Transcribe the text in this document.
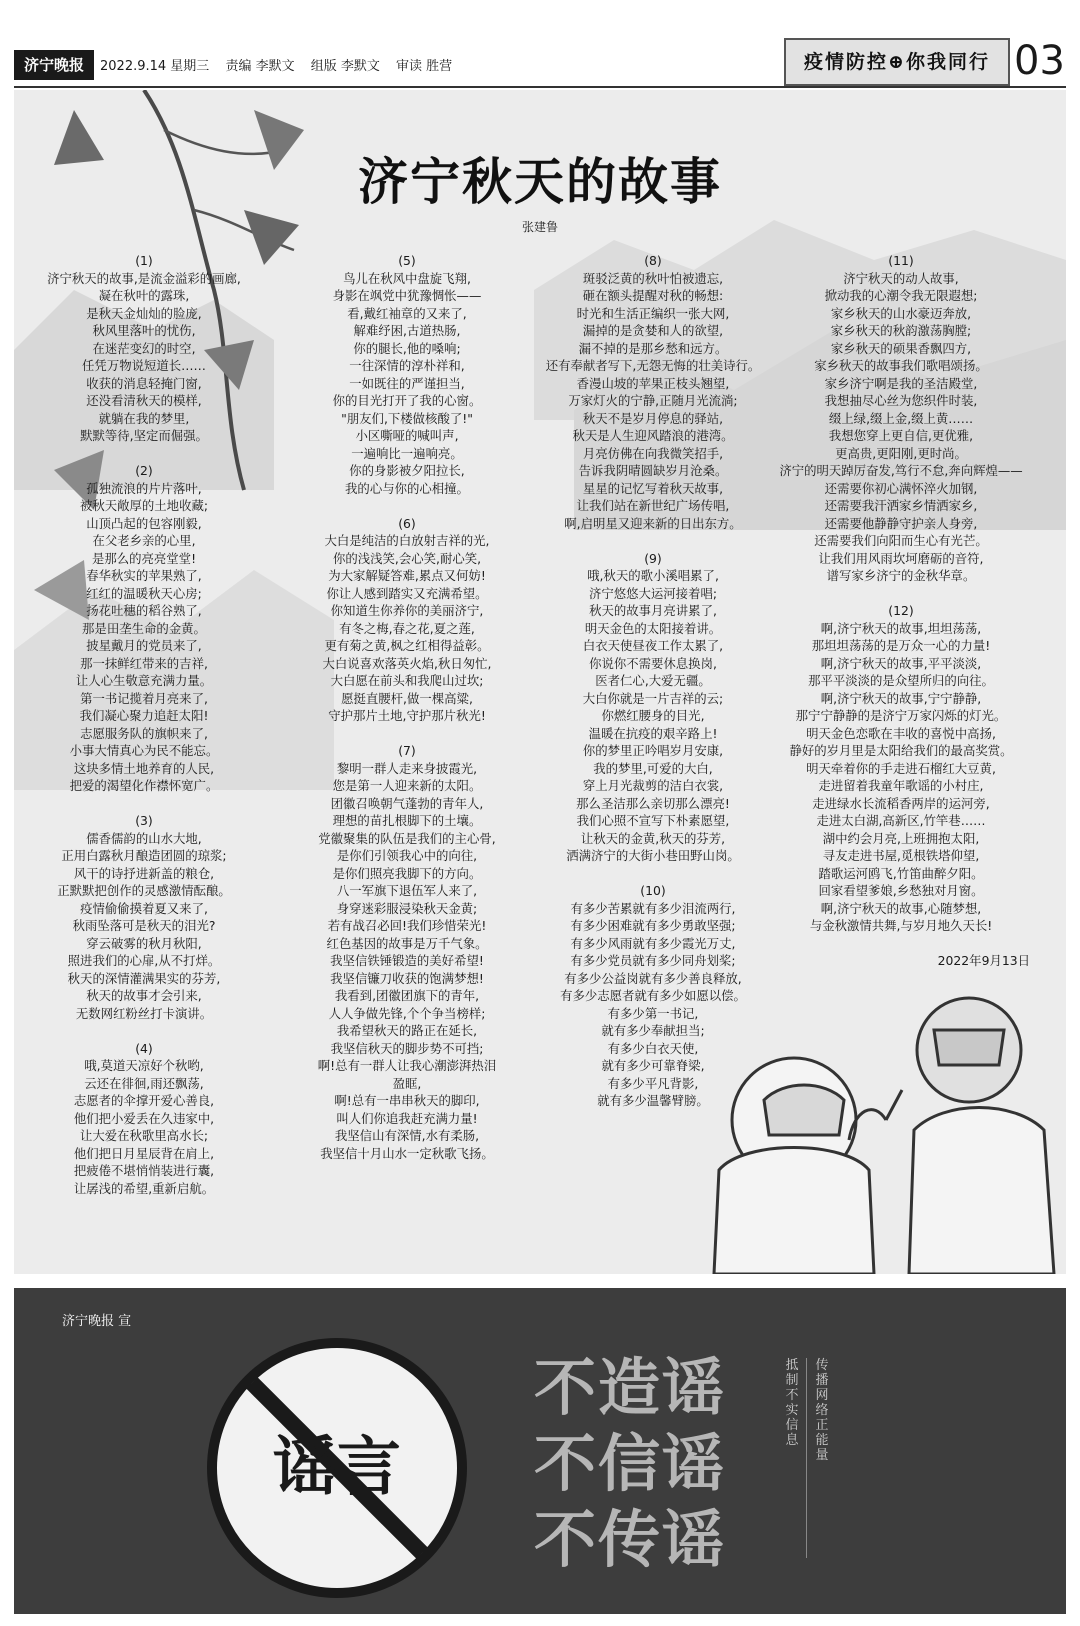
济宁晚报	2022.9.14 星期三 责编 李默文 组版 李默文 审读 胜营	疫情防控⊕你我同行 03
济宁秋天的故事
张建鲁
(1)

济宁秋天的故事,是流金溢彩的画廊,

凝在秋叶的露珠,

是秋天金灿灿的脸庞,

秋风里落叶的忧伤,

在迷茫变幻的时空,

任凭万物说短道长……

收获的消息轻掩门窗,

还没看清秋天的模样,

就躺在我的梦里,

默默等待,坚定而倔强。

(2)

孤独流浪的片片落叶,

被秋天敞厚的土地收藏;

山顶凸起的包容刚毅,

在父老乡亲的心里,

是那么的亮亮堂堂!

春华秋实的苹果熟了,

红红的温暖秋天心房;

扬花吐穗的稻谷熟了,

那是田垄生命的金黄。

披星戴月的党员来了,

那一抹鲜红带来的吉祥,

让人心生敬意充满力量。

第一书记揽着月亮来了,

我们凝心聚力追赶太阳!

志愿服务队的旗帜来了,

小事大情真心为民不能忘。

这块多情土地养育的人民,

把爱的渴望化作襟怀宽广。

(3)

儒香儒韵的山水大地,

正用白露秋月酿造团圆的琼浆;

风干的诗抒进新盖的粮仓,

正默默把创作的灵感激情酝酿。

疫情偷偷摸着夏又来了,

秋雨坠落可是秋天的泪光?

穿云破雾的秋月秋阳,

照进我们的心扉,从不打烊。

秋天的深情灌满果实的芬芳,

秋天的故事才会引来,

无数网红粉丝打卡演讲。

(4)

哦,莫道天凉好个秋哟,

云还在徘徊,雨还飘荡,

志愿者的伞撑开爱心善良,

他们把小爱丢在久违家中,

让大爱在秋歌里高水长;

他们把日月星辰背在肩上,

把疲倦不堪悄悄装进行囊,

让孱浅的希望,重新启航。

(5)

鸟儿在秋风中盘旋飞翔,

身影在飒党中犹豫惆怅——

看,戴红袖章的又来了,

解难纾困,古道热肠,

你的腿长,他的嗓响;

一往深情的淳朴祥和,

一如既往的严谨担当,

你的目光打开了我的心窗。

"朋友们,下楼做核酸了!"

小区嘶哑的喊叫声,

一遍响比一遍响亮。

你的身影被夕阳拉长,

我的心与你的心相撞。

(6)

大白是纯洁的白放射吉祥的光,

你的浅浅笑,会心笑,耐心笑,

为大家解疑答难,累点又何妨!

你让人感到踏实又充满希望。

你知道生你养你的美丽济宁,

有冬之梅,春之花,夏之莲,

更有菊之黄,枫之红相得益彰。

大白说喜欢落英火焰,秋日匆忙,

大白愿在前头和我爬山过坎;

愿挺直腰杆,做一棵高粱,

守护那片土地,守护那片秋光!

(7)

黎明一群人走来身披霞光,

您是第一人迎来新的太阳。

团徽召唤朝气蓬勃的青年人,

理想的苗扎根脚下的土壤。

党徽聚集的队伍是我们的主心骨,

是你们引领我心中的向往,

是你们照亮我脚下的方向。

八一军旗下退伍军人来了,

身穿迷彩服浸染秋天金黄;

若有战召必回!我们珍惜荣光!

红色基因的故事是万千气象。

我坚信铁锤锻造的美好希望!

我坚信镰刀收获的饱满梦想!

我看到,团徽团旗下的青年,

人人争做先锋,个个争当榜样;

我希望秋天的路正在延长,

我坚信秋天的脚步势不可挡;

啊!总有一群人让我心潮澎湃热泪

盈眶,

啊!总有一串串秋天的脚印,

叫人们你追我赶充满力量!

我坚信山有深情,水有柔肠,

我坚信十月山水一定秋歌飞扬。

(8)

斑驳泛黄的秋叶怕被遗忘,

砸在额头提醒对秋的畅想:

时光和生活正编织一张大网,

漏掉的是贪婪和人的欲望,

漏不掉的是那乡愁和远方。

还有奉献者写下,无怨无悔的壮美诗行。

香漫山坡的苹果正枝头翘望,

万家灯火的宁静,正随月光流淌;

秋天不是岁月停息的驿站,

秋天是人生迎风踏浪的港湾。

月亮仿佛在向我微笑招手,

告诉我阴晴圆缺岁月沧桑。

星星的记忆写着秋天故事,

让我们站在新世纪广场传唱,

啊,启明星又迎来新的日出东方。

(9)

哦,秋天的歌小溪唱累了,

济宁悠悠大运河接着唱;

秋天的故事月亮讲累了,

明天金色的太阳接着讲。

白衣天使昼夜工作太累了,

你说你不需要休息换岗,

医者仁心,大爱无疆。

大白你就是一片吉祥的云;

你燃红腰身的目光,

温暖在抗疫的艰辛路上!

你的梦里正吟唱岁月安康,

我的梦里,可爱的大白,

穿上月光裁剪的洁白衣裳,

那么圣洁那么亲切那么漂亮!

我们心照不宣写下朴素愿望,

让秋天的金黄,秋天的芬芳,

洒满济宁的大街小巷田野山岗。

(10)

有多少苦累就有多少泪流两行,

有多少困难就有多少勇敢坚强;

有多少风雨就有多少霞光万丈,

有多少党员就有多少同舟划桨;

有多少公益岗就有多少善良释放,

有多少志愿者就有多少如愿以偿。

有多少第一书记,

就有多少奉献担当;

有多少白衣天使,

就有多少可靠脊梁,

有多少平凡背影,

就有多少温馨臂膀。

(11)

济宁秋天的动人故事,

掀动我的心潮令我无限遐想;

家乡秋天的山水豪迈奔放,

家乡秋天的秋韵激荡胸膛;

家乡秋天的硕果香飘四方,

家乡秋天的故事我们歌唱颂扬。

家乡济宁啊是我的圣洁殿堂,

我想抽尽心丝为您织件时装,

缀上绿,缀上金,缀上黄……

我想您穿上更自信,更优雅,

更高贵,更阳刚,更时尚。

济宁的明天踔厉奋发,笃行不怠,奔向辉煌——

还需要你初心满怀淬火加钢,

还需要我汗洒家乡情洒家乡,

还需要他静静守护亲人身旁,

还需要我们向阳而生心有光芒。

让我们用风雨坎坷磨砺的音符,

谱写家乡济宁的金秋华章。

(12)

啊,济宁秋天的故事,坦坦荡荡,

那坦坦荡荡的是万众一心的力量!

啊,济宁秋天的故事,平平淡淡,

那平平淡淡的是众望所归的向往。

啊,济宁秋天的故事,宁宁静静,

那宁宁静静的是济宁万家闪烁的灯光。

明天金色恋歌在丰收的喜悦中高扬,

静好的岁月里是太阳给我们的最高奖赏。

明天牵着你的手走进石榴红大豆黄,

走进留着我童年歌谣的小村庄,

走进绿水长流稻香两岸的运河旁,

走进太白湖,高新区,竹竿巷……

湖中约会月亮,上班拥抱太阳,

寻友走进书屋,觅根铁塔仰望,

踏歌运河鸥飞,竹笛曲醉夕阳。

回家看望爹娘,乡愁独对月窗。

啊,济宁秋天的故事,心随梦想,

与金秋激情共舞,与岁月地久天长!

2022年9月13日
济宁晚报 宣
谣言
不造谣
不信谣
不传谣
抵制不实信息
传播网络正能量
